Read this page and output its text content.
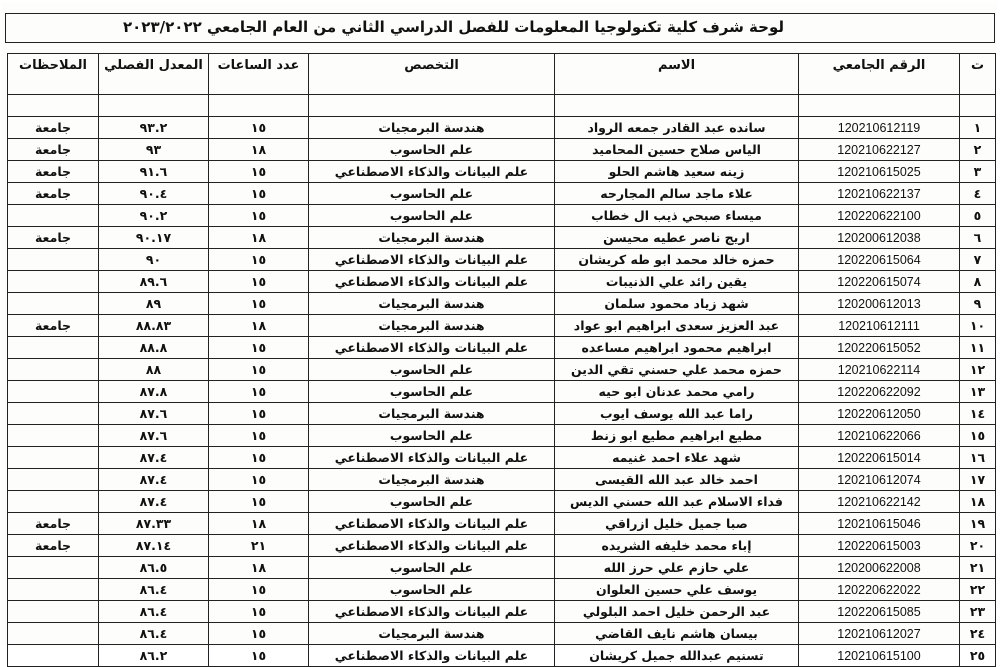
لوحة شرف كلية تكنولوجيا المعلومات للفصل الدراسي الثاني من العام الجامعي ٢٠٢٣/٢٠٢٢
ت	الرقم الجامعي	الاسم	التخصص	عدد الساعات	المعدل الفصلي	الملاحظات

١	120210612119	سانده عبد القادر جمعه الرواد	هندسة البرمجيات	١٥	٩٣.٢	جامعة
٢	120210622127	الياس صلاح حسين المحاميد	علم الحاسوب	١٨	٩٣	جامعة
٣	120210615025	زينه سعيد هاشم الحلو	علم البيانات والذكاء الاصطناعي	١٥	٩١.٦	جامعة
٤	120210622137	علاء ماجد سالم المجارحه	علم الحاسوب	١٥	٩٠.٤	جامعة
٥	120220622100	ميساء صبحي ذيب ال خطاب	علم الحاسوب	١٥	٩٠.٢	
٦	120200612038	اريج ناصر عطيه محيسن	هندسة البرمجيات	١٨	٩٠.١٧	جامعة
٧	120220615064	حمزه خالد محمد ابو طه كريشان	علم البيانات والذكاء الاصطناعي	١٥	٩٠	
٨	120220615074	يقين رائد علي الذنيبات	علم البيانات والذكاء الاصطناعي	١٥	٨٩.٦	
٩	120200612013	شهد زياد محمود سلمان	هندسة البرمجيات	١٥	٨٩	
١٠	120210612111	عبد العزيز سعدى ابراهيم ابو عواد	هندسة البرمجيات	١٨	٨٨.٨٣	جامعة
١١	120220615052	ابراهيم محمود ابراهيم مساعده	علم البيانات والذكاء الاصطناعي	١٥	٨٨.٨	
١٢	120210622114	حمزه محمد علي حسني تقي الدين	علم الحاسوب	١٥	٨٨	
١٣	120220622092	رامي محمد عدنان ابو حيه	علم الحاسوب	١٥	٨٧.٨	
١٤	120220612050	راما عبد الله يوسف ايوب	هندسة البرمجيات	١٥	٨٧.٦	
١٥	120210622066	مطيع ابراهيم مطيع ابو زنط	علم الحاسوب	١٥	٨٧.٦	
١٦	120220615014	شهد علاء احمد غنيمه	علم البيانات والذكاء الاصطناعي	١٥	٨٧.٤	
١٧	120210612074	احمد خالد عبد الله القيسى	هندسة البرمجيات	١٥	٨٧.٤	
١٨	120210622142	فداء الاسلام عبد الله حسني الديس	علم الحاسوب	١٥	٨٧.٤	
١٩	120210615046	صبا جميل خليل ازراقي	علم البيانات والذكاء الاصطناعي	١٨	٨٧.٣٣	جامعة
٢٠	120220615003	إباء محمد خليفه الشريده	علم البيانات والذكاء الاصطناعي	٢١	٨٧.١٤	جامعة
٢١	120200622008	علي حازم علي حرز الله	علم الحاسوب	١٨	٨٦.٥	
٢٢	120220622022	يوسف علي حسين العلوان	علم الحاسوب	١٥	٨٦.٤	
٢٣	120220615085	عبد الرحمن خليل احمد البلولي	علم البيانات والذكاء الاصطناعي	١٥	٨٦.٤	
٢٤	120210612027	بيسان هاشم نايف القاضي	هندسة البرمجيات	١٥	٨٦.٤	
٢٥	120210615100	تسنيم عبدالله جميل كريشان	علم البيانات والذكاء الاصطناعي	١٥	٨٦.٢	
